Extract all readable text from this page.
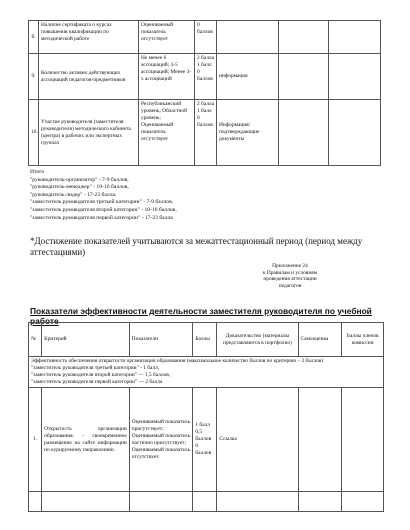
8.	Наличие сертификата о курсах повышения квалификации по методической работе	Оцениваемый показатель отсутствует	0 баллов			
9.	Количество активно действующих ассоциаций педагогов-предметников	Не менее 6 ассоциаций; 3-5 ассоциаций; Менее 3-х ассоциаций	2 балла 1 балл 0 баллов	информация		
10.	Участие руководителя (заместителя руководителя) методического кабинета (центра) в рабочих или экспертных группах	Республиканский уровень; Областной уровень; Оцениваемый показатель отсутствует	2 балла 1 балл 0 баллов	Информация/ подтверждающие документы		
Итого
"руководитель-организатор" - 7-9 баллов,
"руководитель-менеджер" - 10-16 баллов,
"руководитель-лидер" - 17-23 балла.
"заместитель руководителя третьей категории" - 7-9 баллов,
"заместитель руководителя второй категории" - 10-16 баллов,
"заместитель руководителя первой категории" - 17-23 балла
*Достижение показателей учитываются за межаттестационный период (период между аттестациями)
Приложение 24
к Правилам и условиям
проведения аттестации
педагогов
Показатели эффективности деятельности заместителя руководителя по учебной работе
№	Критерий	Показатели	Баллы	Доказательство (материалы представляются в портфолио)	Самооценка	Баллы членов комиссии

Эффективность обеспечения открытости организации образования (максимальное количество баллов по критерию – 2 баллов)
"заместитель руководителя третьей категории" - 1 балл,
"заместитель руководителя второй категории" — 1,5 баллов,
"заместитель руководителя первой категории" — 2 балла						

1.	Открытость организации образования. - своевременное размещение на сайте информации по курируемому направлению.	Оцениваемый показатель присутствует; Оцениваемый показатель частично присутствует; Оцениваемый показатель отсутствует.	1 балл 0,5 баллов 0 баллов	Ссылка		
